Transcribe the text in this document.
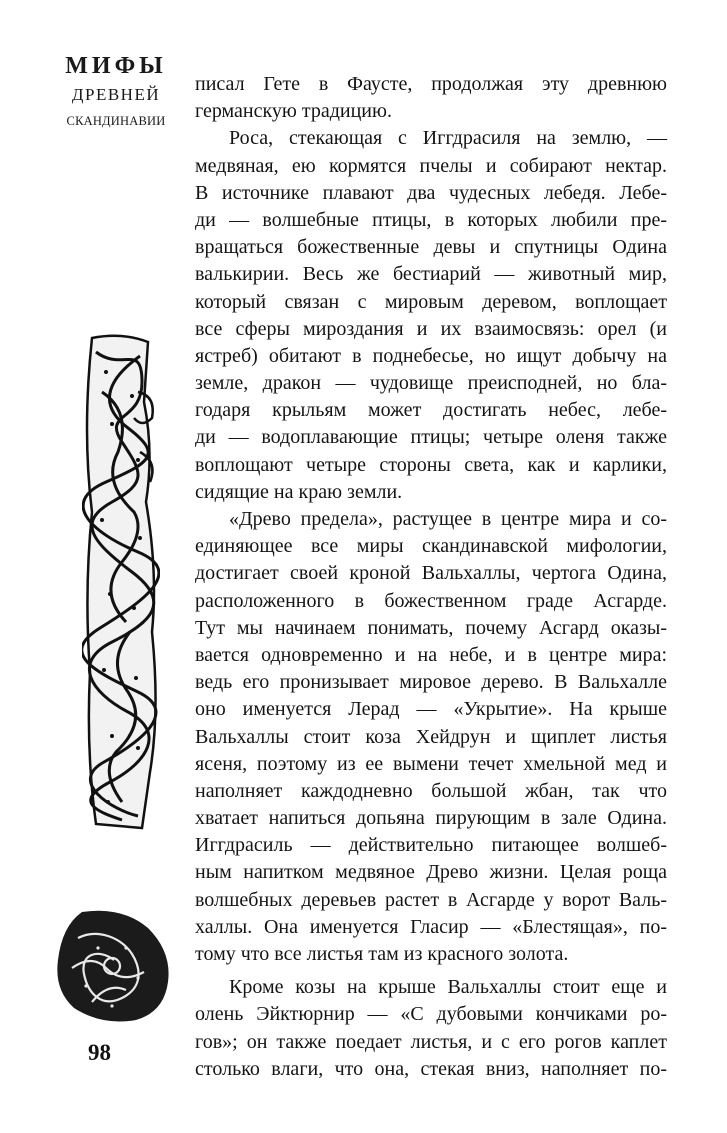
МИФЫ
ДРЕВНЕЙ
СКАНДИНАВИИ
писал Гете в Фаусте, продолжая эту древнюю
германскую традицию.
Роса, стекающая с Иггдрасиля на землю, —
медвяная, ею кормятся пчелы и собирают нектар.
В источнике плавают два чудесных лебедя. Лебе-
ди — волшебные птицы, в которых любили пре-
вращаться божественные девы и спутницы Одина
валькирии. Весь же бестиарий — животный мир,
который связан с мировым деревом, воплощает
все сферы мироздания и их взаимосвязь: орел (и
ястреб) обитают в поднебесье, но ищут добычу на
земле, дракон — чудовище преисподней, но бла-
годаря крыльям может достигать небес, лебе-
ди — водоплавающие птицы; четыре оленя также
воплощают четыре стороны света, как и карлики,
сидящие на краю земли.
«Древо предела», растущее в центре мира и со-
единяющее все миры скандинавской мифологии,
достигает своей кроной Вальхаллы, чертога Одина,
расположенного в божественном граде Асгарде.
Тут мы начинаем понимать, почему Асгард оказы-
вается одновременно и на небе, и в центре мира:
ведь его пронизывает мировое дерево. В Вальхалле
оно именуется Лерад — «Укрытие». На крыше
Вальхаллы стоит коза Хейдрун и щиплет листья
ясеня, поэтому из ее вымени течет хмельной мед и
наполняет каждодневно большой жбан, так что
хватает напиться допьяна пирующим в зале Одина.
Иггдрасиль — действительно питающее волшеб-
ным напитком медвяное Древо жизни. Целая роща
волшебных деревьев растет в Асгарде у ворот Валь-
халлы. Она именуется Гласир — «Блестящая», по-
тому что все листья там из красного золота.
Кроме козы на крыше Вальхаллы стоит еще и
олень Эйктюрнир — «С дубовыми кончиками ро-
гов»; он также поедает листья, и с его рогов каплет
столько влаги, что она, стекая вниз, наполняет по-
98
